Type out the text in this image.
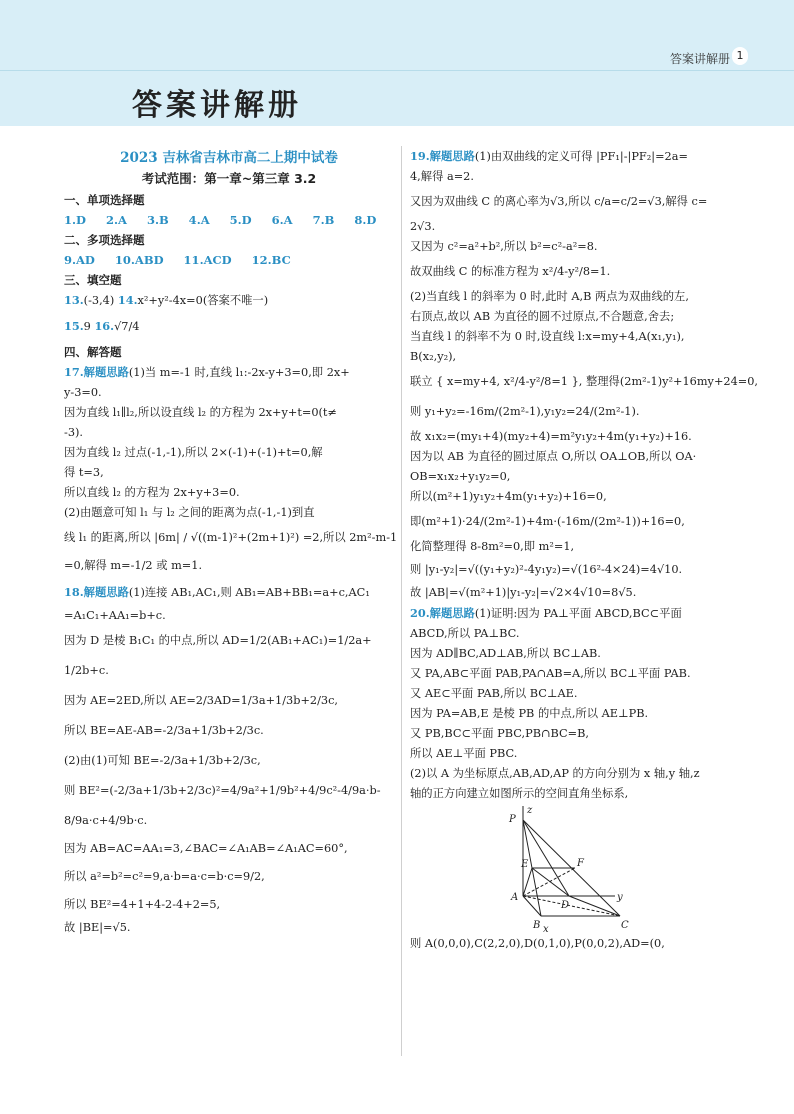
答案讲解册 1
答案讲解册
2023 吉林省吉林市高二上期中试卷
考试范围：第一章~第三章 3.2
一、单项选择题
1.D     2.A     3.B     4.A     5.D     6.A     7.B     8.D
二、多项选择题
9.AD     10.ABD     11.ACD     12.BC
三、填空题
13.(-3,4) 14.x²+y²-4x=0(答案不唯一)
15.9 16.√7/4
四、解答题
17.解题思路(1)当 m=-1 时,直线 l₁:-2x-y+3=0,即 2x+
y-3=0.
因为直线 l₁∥l₂,所以设直线 l₂ 的方程为 2x+y+t=0(t≠
-3).
因为直线 l₂ 过点(-1,-1),所以 2×(-1)+(-1)+t=0,解
得 t=3,
所以直线 l₂ 的方程为 2x+y+3=0.
(2)由题意可知 l₁ 与 l₂ 之间的距离为点(-1,-1)到直
线 l₁ 的距离,所以 |6m| / √((m-1)²+(2m+1)²) =2,所以 2m²-m-1
=0,解得 m=-1/2 或 m=1.
18.解题思路(1)连接 AB₁,AC₁,则 AB₁=AB+BB₁=a+c,AC₁
=A₁C₁+AA₁=b+c.
因为 D 是棱 B₁C₁ 的中点,所以 AD=1/2(AB₁+AC₁)=1/2a+
1/2b+c.
因为 AE=2ED,所以 AE=2/3AD=1/3a+1/3b+2/3c,
所以 BE=AE-AB=-2/3a+1/3b+2/3c.
(2)由(1)可知 BE=-2/3a+1/3b+2/3c,
则 BE²=(-2/3a+1/3b+2/3c)²=4/9a²+1/9b²+4/9c²-4/9a·b-
8/9a·c+4/9b·c.
因为 AB=AC=AA₁=3,∠BAC=∠A₁AB=∠A₁AC=60°,
所以 a²=b²=c²=9,a·b=a·c=b·c=9/2,
所以 BE²=4+1+4-2-4+2=5,
故 |BE|=√5.
19.解题思路(1)由双曲线的定义可得 |PF₁|-|PF₂|=2a=
4,解得 a=2.
又因为双曲线 C 的离心率为√3,所以 c/a=c/2=√3,解得 c=
2√3.
又因为 c²=a²+b²,所以 b²=c²-a²=8.
故双曲线 C 的标准方程为 x²/4-y²/8=1.
(2)当直线 l 的斜率为 0 时,此时 A,B 两点为双曲线的左,
右顶点,故以 AB 为直径的圆不过原点,不合题意,舍去;
当直线 l 的斜率不为 0 时,设直线 l:x=my+4,A(x₁,y₁),
B(x₂,y₂),
联立 { x=my+4, x²/4-y²/8=1 }, 整理得(2m²-1)y²+16my+24=0,
则 y₁+y₂=-16m/(2m²-1),y₁y₂=24/(2m²-1).
故 x₁x₂=(my₁+4)(my₂+4)=m²y₁y₂+4m(y₁+y₂)+16.
因为以 AB 为直径的圆过原点 O,所以 OA⊥OB,所以 OA·
OB=x₁x₂+y₁y₂=0,
所以(m²+1)y₁y₂+4m(y₁+y₂)+16=0,
即(m²+1)·24/(2m²-1)+4m·(-16m/(2m²-1))+16=0,
化简整理得 8-8m²=0,即 m²=1,
则 |y₁-y₂|=√((y₁+y₂)²-4y₁y₂)=√(16²-4×24)=4√10.
故 |AB|=√(m²+1)|y₁-y₂|=√2×4√10=8√5.
20.解题思路(1)证明:因为 PA⊥平面 ABCD,BC⊂平面
ABCD,所以 PA⊥BC.
因为 AD∥BC,AD⊥AB,所以 BC⊥AB.
又 PA,AB⊂平面 PAB,PA∩AB=A,所以 BC⊥平面 PAB.
又 AE⊂平面 PAB,所以 BC⊥AE.
因为 PA=AB,E 是棱 PB 的中点,所以 AE⊥PB.
又 PB,BC⊂平面 PBC,PB∩BC=B,
所以 AE⊥平面 PBC.
(2)以 A 为坐标原点,AB,AD,AP 的方向分别为 x 轴,y 轴,z
轴的正方向建立如图所示的空间直角坐标系,
P
z
E	F
A
D
y
B x	C
则 A(0,0,0),C(2,2,0),D(0,1,0),P(0,0,2),AD=(0,
